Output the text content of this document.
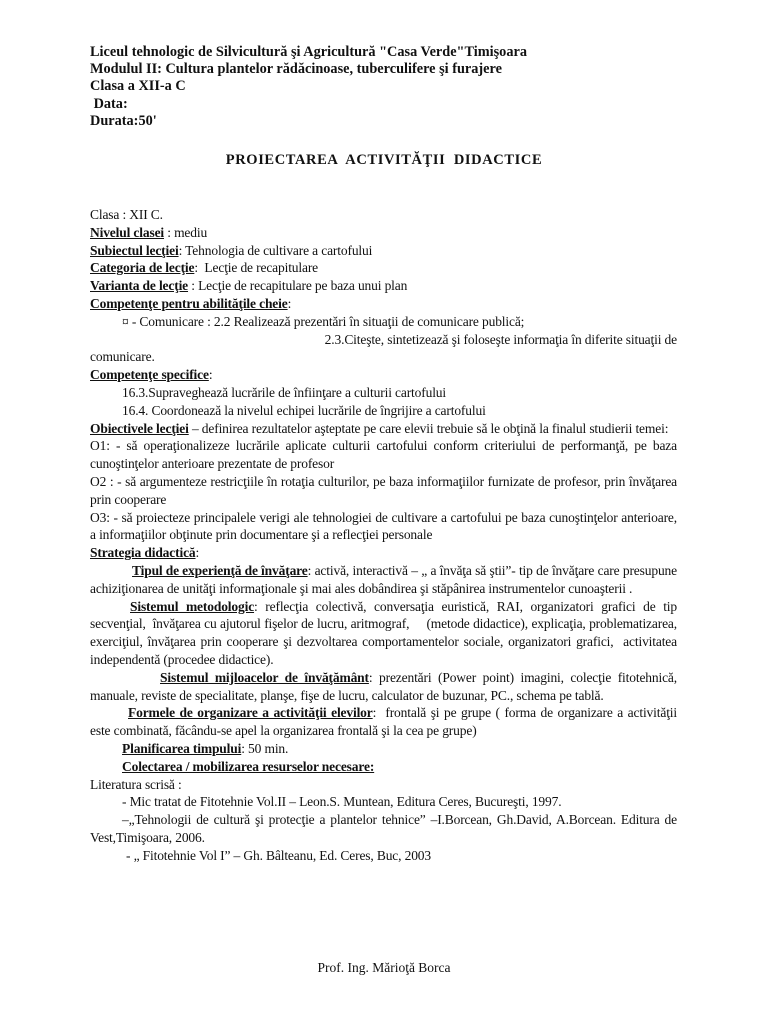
Liceul tehnologic de Silvicultură şi Agricultură "Casa Verde"Timişoara
Modulul II: Cultura plantelor rădăcinoase, tuberculifere şi furajere
Clasa a XII-a C
Data:
Durata:50'
PROIECTAREA  ACTIVITĂŢII  DIDACTICE

Clasa : XII C.

Nivelul clasei : mediu

Subiectul lecţiei: Tehnologia de cultivare a cartofului

Categoria de lecţie:  Lecţie de recapitulare

Varianta de lecţie : Lecţie de recapitulare pe baza unui plan

Competenţe pentru abilităţile cheie:

¤ - Comunicare : 2.2 Realizează prezentări în situaţii de comunicare publică;

2.3.Citeşte, sintetizează şi foloseşte informaţia în diferite situaţii de

comunicare.

Competenţe specifice:

16.3.Supraveghează lucrările de înfiinţare a culturii cartofului

16.4. Coordonează la nivelul echipei lucrările de îngrijire a cartofului

Obiectivele lecţiei – definirea rezultatelor aşteptate pe care elevii trebuie să le obţină la finalul studierii temei:

O1: - să operaţionalizeze lucrările aplicate culturii cartofului conform criteriului de performanţă, pe baza cunoştinţelor anterioare prezentate de profesor

O2 : - să argumenteze restricţiile în rotaţia culturilor, pe baza informaţiilor furnizate de profesor, prin învăţarea prin cooperare

O3: - să proiecteze principalele verigi ale tehnologiei de cultivare a cartofului pe baza cunoştinţelor anterioare, a informaţiilor obţinute prin documentare şi a reflecţiei personale

Strategia didactică:

Tipul de experienţă de învăţare: activă, interactivă – „ a învăţa să ştii”- tip de învăţare care presupune achiziţionarea de unităţi informaţionale şi mai ales dobândirea şi stăpânirea instrumentelor cunoaşterii .

Sistemul metodologic: reflecţia colectivă, conversaţia euristică, RAI, organizatori grafici de tip secvenţial,  învăţarea cu ajutorul fişelor de lucru, aritmograf,     (metode didactice), explicaţia, problematizarea, exerciţiul, învăţarea prin cooperare şi dezvoltarea comportamentelor sociale, organizatori grafici,  activitatea independentă (procedee didactice).

Sistemul mijloacelor de învăţământ: prezentări (Power point) imagini, colecţie fitotehnică, manuale, reviste de specialitate, planşe, fişe de lucru, calculator de buzunar, PC., schema pe tablă.

Formele de organizare a activităţii elevilor:  frontală şi pe grupe ( forma de organizare a activităţii este combinată, făcându-se apel la organizarea frontală şi la cea pe grupe)

Planificarea timpului: 50 min.

Colectarea / mobilizarea resurselor necesare:

Literatura scrisă :

- Mic tratat de Fitotehnie Vol.II – Leon.S. Muntean, Editura Ceres, Bucureşti, 1997.

–„Tehnologii de cultură şi protecţie a plantelor tehnice” –I.Borcean, Gh.David, A.Borcean. Editura de Vest,Timişoara, 2006.

- „ Fitotehnie Vol I” – Gh. Bâlteanu, Ed. Ceres, Buc, 2003

Prof. Ing. Mărioţă Borca
